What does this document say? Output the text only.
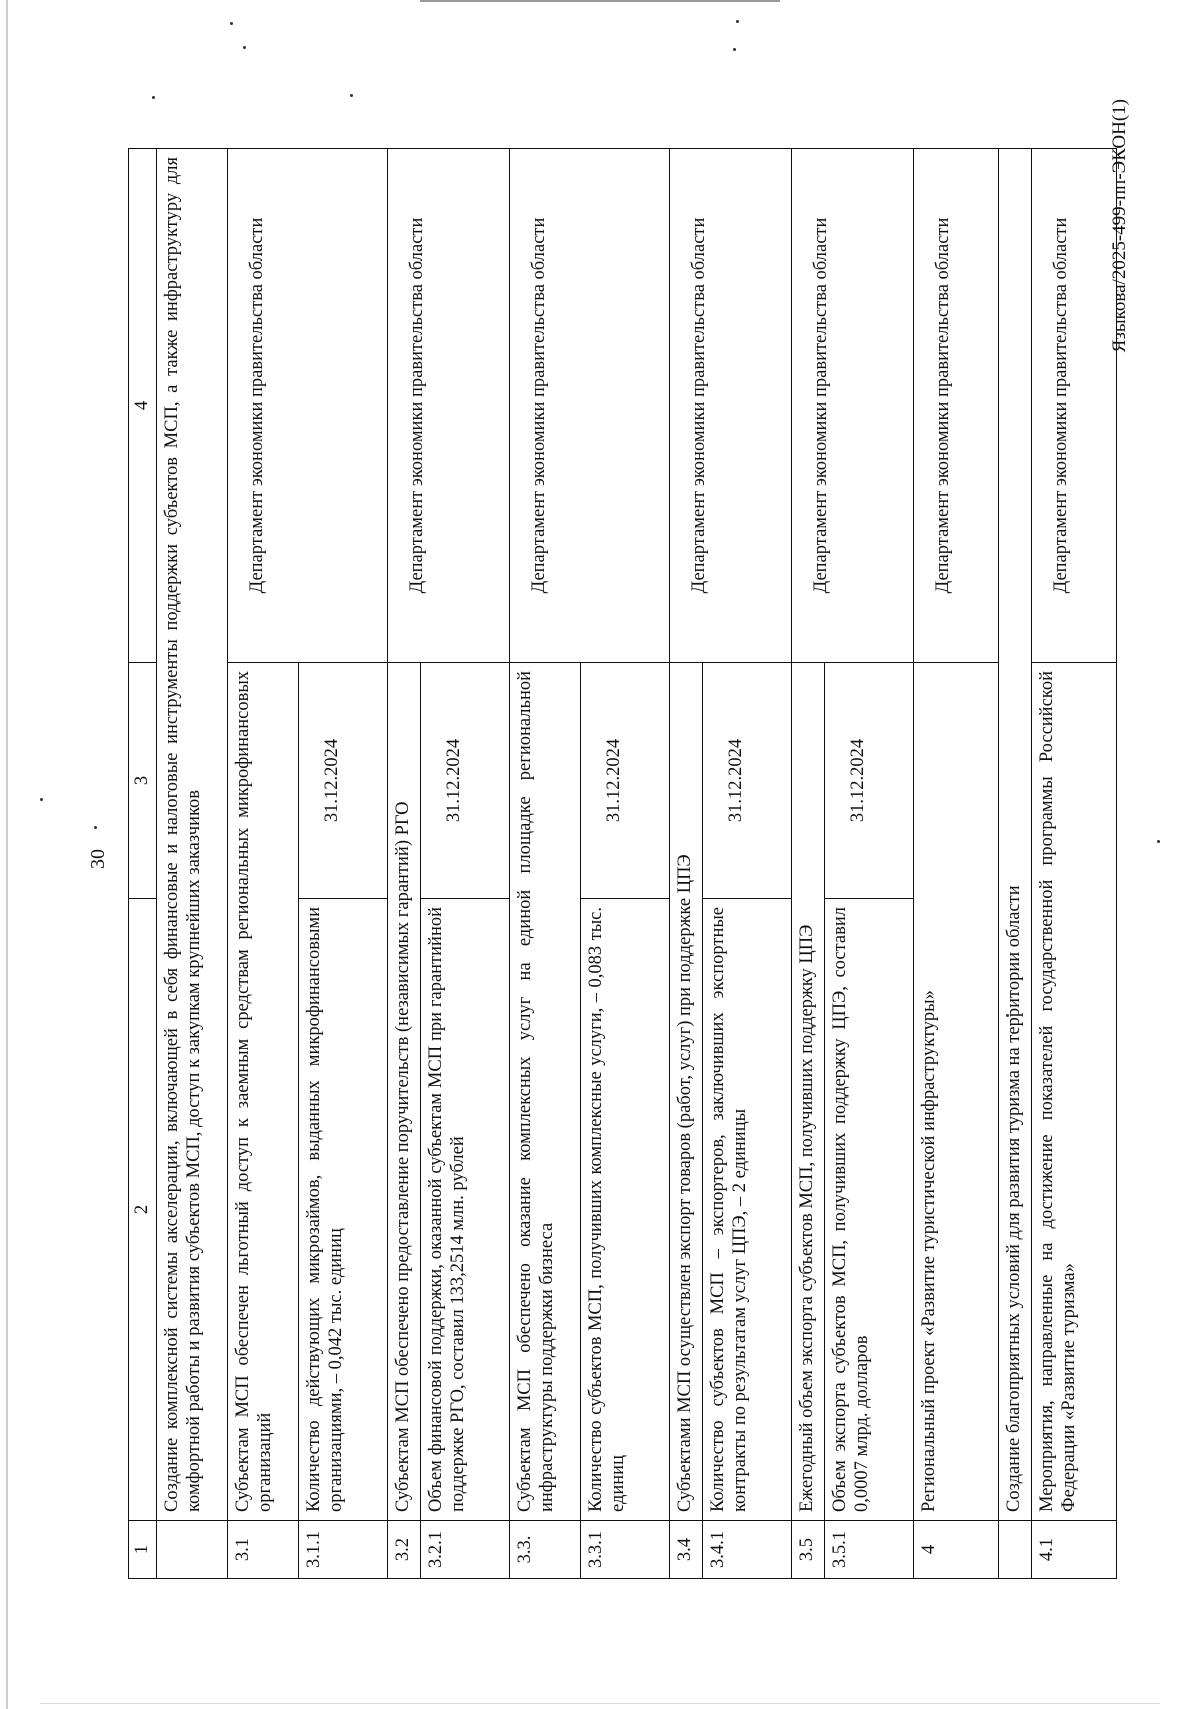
30
1	2	3	4
	Создание комплексной системы акселерации, включающей в себя финансовые и налоговые инструменты поддержки субъектов МСП, а также инфраструктуру для комфортной работы и развития субъектов МСП, доступ к закупкам крупнейших заказчиков		
3.1	Субъектам МСП обеспечен льготный доступ к заемным средствам региональных микрофинансовых организаций		Департамент экономики правительства области
3.1.1	Количество действующих микрозаймов, выданных микрофинансовыми организациями, – 0,042 тыс. единиц	31.12.2024	
3.2	Субъектам МСП обеспечено предоставление поручительств (независимых гарантий) РГО		Департамент экономики правительства области
3.2.1	Объем финансовой поддержки, оказанной субъектам МСП при гарантийной поддержке РГО, составил 133,2514 млн. рублей	31.12.2024	
3.3.	Субъектам МСП обеспечено оказание комплексных услуг на единой площадке региональной инфраструктуры поддержки бизнеса		Департамент экономики правительства области
3.3.1	Количество субъектов МСП, получивших комплексные услуги, – 0,083 тыс. единиц	31.12.2024	
3.4	Субъектами МСП осуществлен экспорт товаров (работ, услуг) при поддержке ЦПЭ		Департамент экономики правительства области
3.4.1	Количество субъектов МСП – экспортеров, заключивших экспортные контракты по результатам услуг ЦПЭ, – 2 единицы	31.12.2024	
3.5	Ежегодный объем экспорта субъектов МСП, получивших поддержку ЦПЭ		Департамент экономики правительства области
3.5.1	Объем экспорта субъектов МСП, получивших поддержку ЦПЭ, составил 0,0007 млрд. долларов	31.12.2024	
4	Региональный проект «Развитие туристической инфраструктуры»		Департамент экономики правительства области
	Создание благоприятных условий для развития туризма на территории области		
4.1	Мероприятия, направленные на достижение показателей государственной программы Российской Федерации «Развитие туризма»		Департамент экономики правительства области Языкова/2025-499-пп-ЭКОН(1)
